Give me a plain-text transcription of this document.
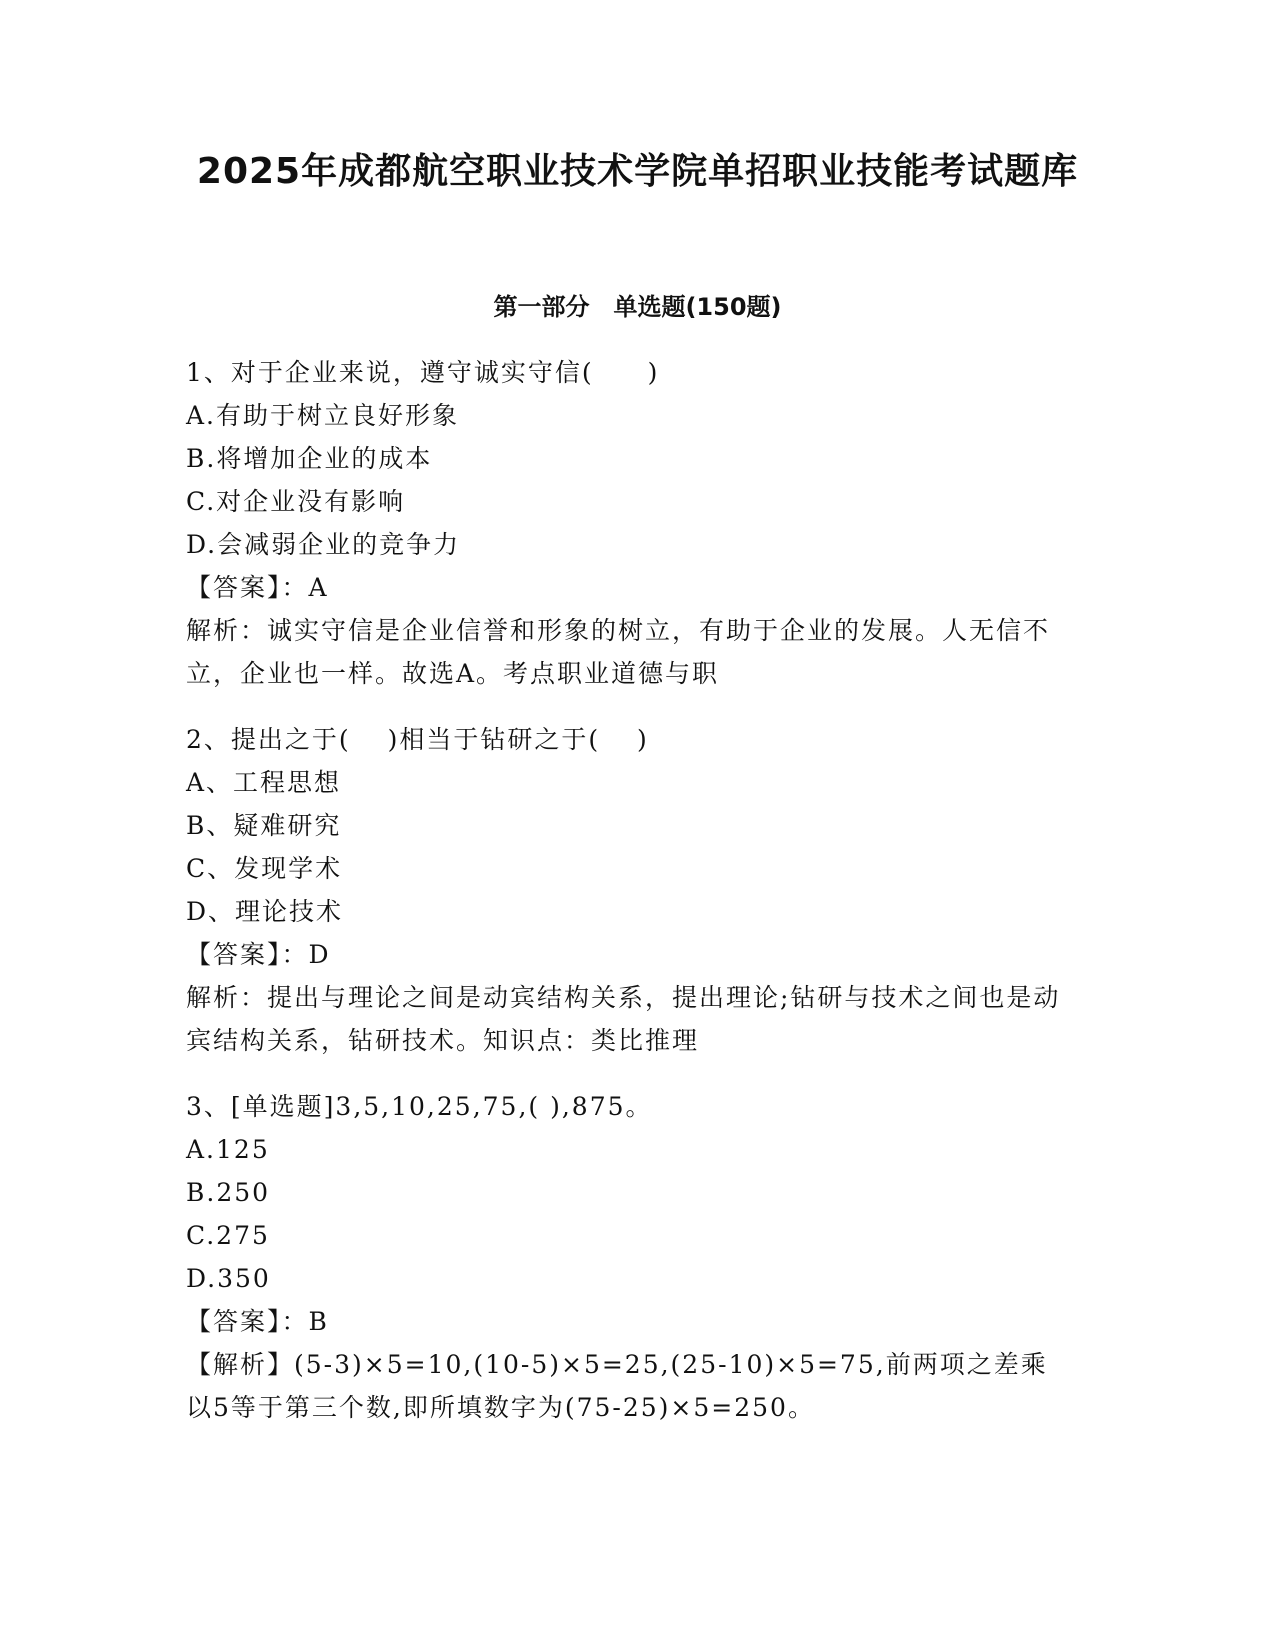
2025年成都航空职业技术学院单招职业技能考试题库
第一部分　单选题(150题)
1、对于企业来说，遵守诚实守信(　　)
A.有助于树立良好形象
B.将增加企业的成本
C.对企业没有影响
D.会减弱企业的竞争力
【答案】：A
解析：诚实守信是企业信誉和形象的树立，有助于企业的发展。人无信不立，企业也一样。故选A。考点职业道德与职
2、提出之于(　 )相当于钻研之于(　 )
A、工程思想
B、疑难研究
C、发现学术
D、理论技术
【答案】：D
解析：提出与理论之间是动宾结构关系，提出理论;钻研与技术之间也是动宾结构关系，钻研技术。知识点：类比推理
3、[单选题]3,5,10,25,75,( ),875。
A.125
B.250
C.275
D.350
【答案】：B
【解析】(5-3)×5=10,(10-5)×5=25,(25-10)×5=75,前两项之差乘以5等于第三个数,即所填数字为(75-25)×5=250。
